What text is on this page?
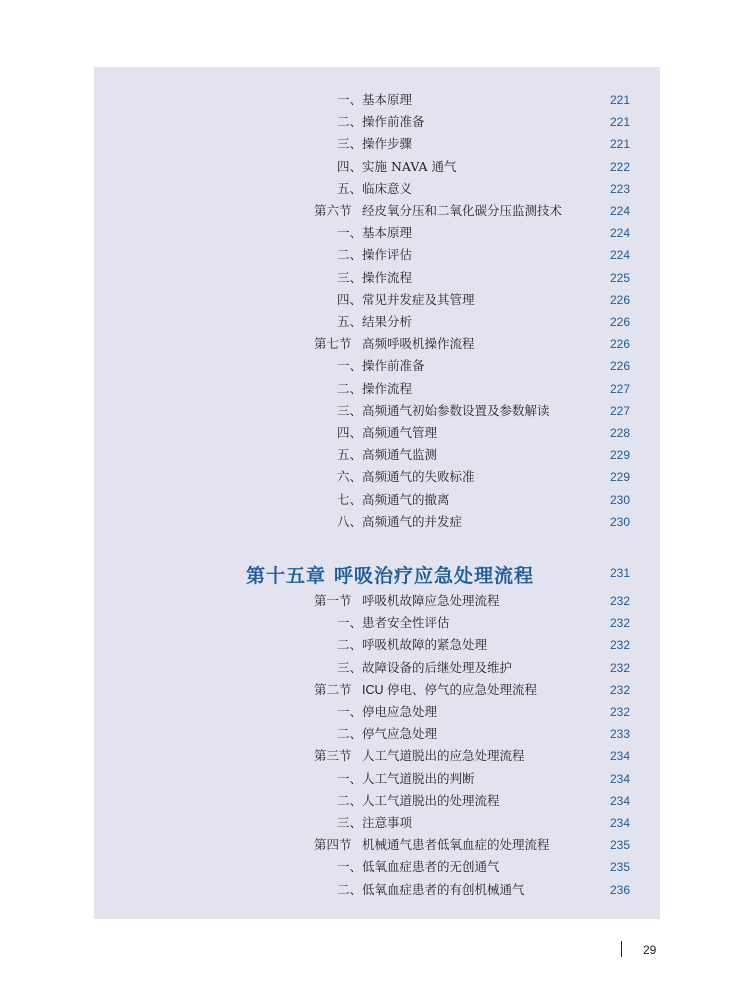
一、基本原理	221
二、操作前准备	221
三、操作步骤	221
四、实施 NAVA 通气	222
五、临床意义	223
第六节 经皮氧分压和二氧化碳分压监测技术	224
一、基本原理	224
二、操作评估	224
三、操作流程	225
四、常见并发症及其管理	226
五、结果分析	226
第七节 高频呼吸机操作流程	226
一、操作前准备	226
二、操作流程	227
三、高频通气初始参数设置及参数解读	227
四、高频通气管理	228
五、高频通气监测	229
六、高频通气的失败标准	229
七、高频通气的撤离	230
八、高频通气的并发症	230
第十五章 呼吸治疗应急处理流程	231
第一节 呼吸机故障应急处理流程	232
一、患者安全性评估	232
二、呼吸机故障的紧急处理	232
三、故障设备的后继处理及维护	232
第二节 ICU 停电、停气的应急处理流程	232
一、停电应急处理	232
二、停气应急处理	233
第三节 人工气道脱出的应急处理流程	234
一、人工气道脱出的判断	234
二、人工气道脱出的处理流程	234
三、注意事项	234
第四节 机械通气患者低氧血症的处理流程	235
一、低氧血症患者的无创通气	235
二、低氧血症患者的有创机械通气	236
29
